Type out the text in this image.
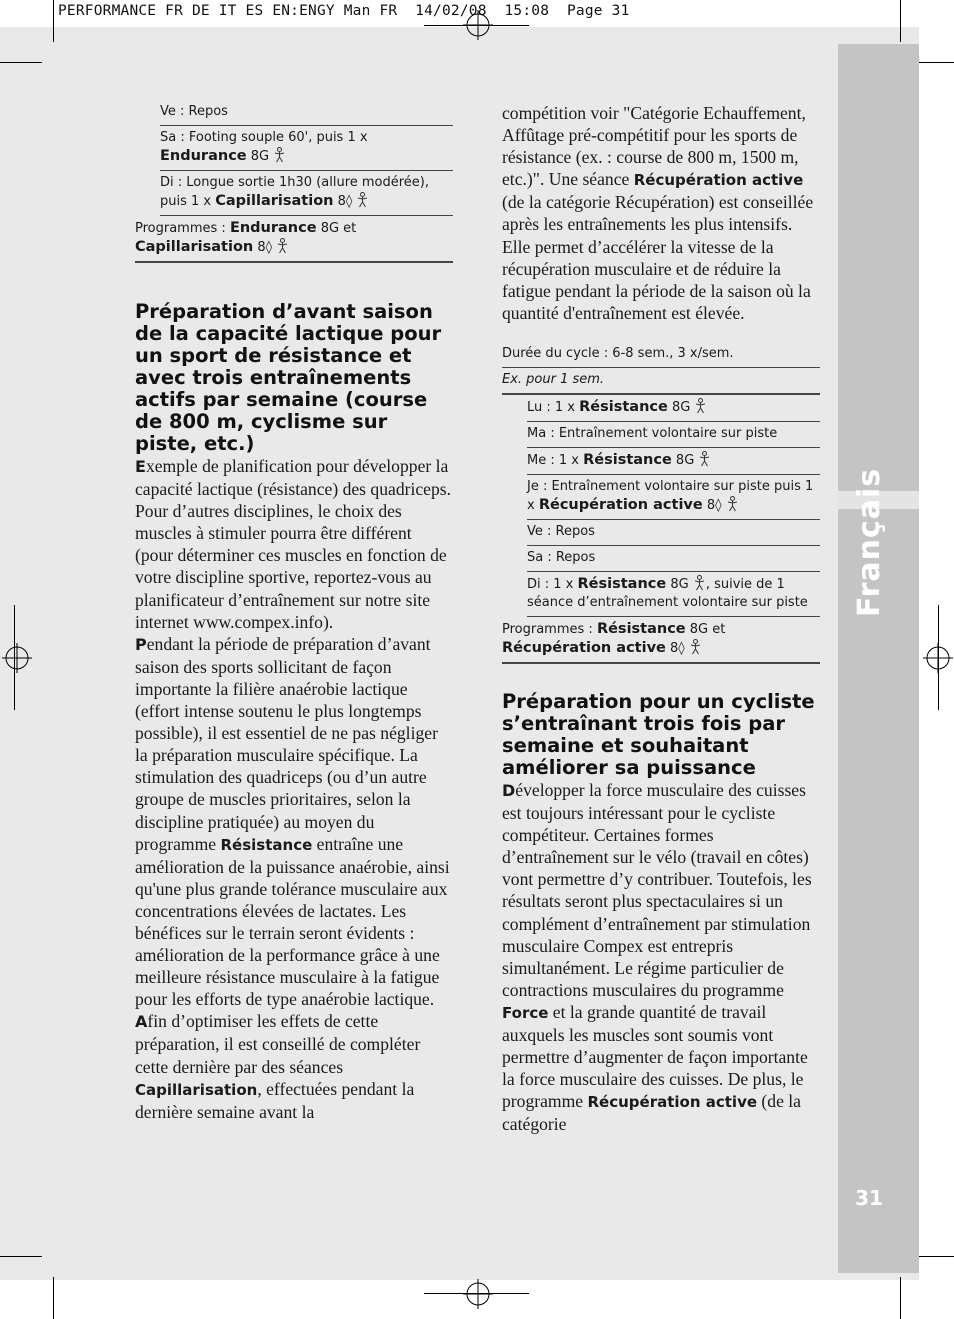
PERFORMANCE FR DE IT ES EN:ENGY Man FR  14/02/08  15:08  Page 31
Français
31
Ve : Repos
Sa : Footing souple 60', puis 1 x Endurance 8G
Di : Longue sortie 1h30 (allure modérée), puis 1 x Capillarisation 8◊
Programmes : Endurance 8G et Capillarisation 8◊
Préparation d’avant saison de la capacité lactique pour un sport de résistance et avec trois entraînements actifs par semaine (course de 800 m, cyclisme sur piste, etc.)

Exemple de planification pour développer la capacité lactique (résistance) des quadriceps. Pour d’autres disciplines, le choix des muscles à stimuler pourra être différent (pour déterminer ces muscles en fonction de votre discipline sportive, reportez-vous au planificateur d’entraînement sur notre site internet www.compex.info).

Pendant la période de préparation d’avant saison des sports sollicitant de façon importante la filière anaérobie lactique (effort intense soutenu le plus longtemps possible), il est essentiel de ne pas négliger la préparation musculaire spécifique. La stimulation des quadriceps (ou d’un autre groupe de muscles prioritaires, selon la discipline pratiquée) au moyen du programme Résistance entraîne une amélioration de la puissance anaérobie, ainsi qu'une plus grande tolérance musculaire aux concentrations élevées de lactates. Les bénéfices sur le terrain seront évidents : amélioration de la performance grâce à une meilleure résistance musculaire à la fatigue pour les efforts de type anaérobie lactique.

Afin d’optimiser les effets de cette préparation, il est conseillé de compléter cette dernière par des séances Capillarisation, effectuées pendant la dernière semaine avant la

compétition voir "Catégorie Echauffement, Affûtage pré-compétitif pour les sports de résistance (ex. : course de 800 m, 1500 m, etc.)". Une séance Récupération active (de la catégorie Récupération) est conseillée après les entraînements les plus intensifs. Elle permet d’accélérer la vitesse de la récupération musculaire et de réduire la fatigue pendant la période de la saison où la quantité d'entraînement est élevée.

Durée du cycle : 6-8 sem., 3 x/sem.
Ex. pour 1 sem.
Lu : 1 x Résistance 8G
Ma : Entraînement volontaire sur piste
Me : 1 x Résistance 8G
Je : Entraînement volontaire sur piste puis 1 x Récupération active 8◊
Ve : Repos
Sa : Repos
Di : 1 x Résistance 8G , suivie de 1 séance d’entraînement volontaire sur piste
Programmes : Résistance 8G et Récupération active 8◊
Préparation pour un cycliste s’entraînant trois fois par semaine et souhaitant améliorer sa puissance

Développer la force musculaire des cuisses est toujours intéressant pour le cycliste compétiteur. Certaines formes d’entraînement sur le vélo (travail en côtes) vont permettre d’y contribuer. Toutefois, les résultats seront plus spectaculaires si un complément d’entraînement par stimulation musculaire Compex est entrepris simultanément. Le régime particulier de contractions musculaires du programme Force et la grande quantité de travail auxquels les muscles sont soumis vont permettre d’augmenter de façon importante la force musculaire des cuisses. De plus, le programme Récupération active (de la catégorie
